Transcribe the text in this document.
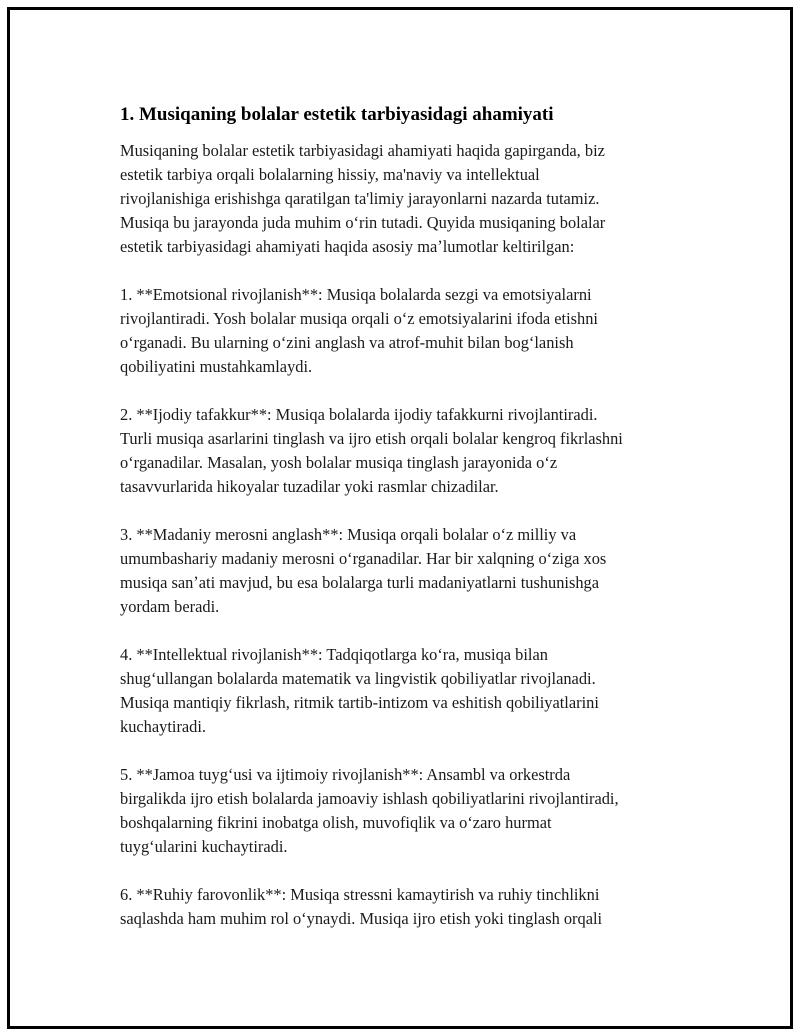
1. Musiqaning bolalar estetik tarbiyasidagi ahamiyati

Musiqaning bolalar estetik tarbiyasidagi ahamiyati haqida gapirganda, biz
estetik tarbiya orqali bolalarning hissiy, ma'naviy va intellektual
rivojlanishiga erishishga qaratilgan ta'limiy jarayonlarni nazarda tutamiz.
Musiqa bu jarayonda juda muhim oʻrin tutadi. Quyida musiqaning bolalar
estetik tarbiyasidagi ahamiyati haqida asosiy maʼlumotlar keltirilgan:

1. **Emotsional rivojlanish**: Musiqa bolalarda sezgi va emotsiyalarni
rivojlantiradi. Yosh bolalar musiqa orqali oʻz emotsiyalarini ifoda etishni
oʻrganadi. Bu ularning oʻzini anglash va atrof-muhit bilan bogʻlanish
qobiliyatini mustahkamlaydi.

2. **Ijodiy tafakkur**: Musiqa bolalarda ijodiy tafakkurni rivojlantiradi.
Turli musiqa asarlarini tinglash va ijro etish orqali bolalar kengroq fikrlashni
oʻrganadilar. Masalan, yosh bolalar musiqa tinglash jarayonida oʻz
tasavvurlarida hikoyalar tuzadilar yoki rasmlar chizadilar.

3. **Madaniy merosni anglash**: Musiqa orqali bolalar oʻz milliy va
umumbashariy madaniy merosni oʻrganadilar. Har bir xalqning oʻziga xos
musiqa sanʼati mavjud, bu esa bolalarga turli madaniyatlarni tushunishga
yordam beradi.

4. **Intellektual rivojlanish**: Tadqiqotlarga koʻra, musiqa bilan
shugʻullangan bolalarda matematik va lingvistik qobiliyatlar rivojlanadi.
Musiqa mantiqiy fikrlash, ritmik tartib-intizom va eshitish qobiliyatlarini
kuchaytiradi.

5. **Jamoa tuygʻusi va ijtimoiy rivojlanish**: Ansambl va orkestrda
birgalikda ijro etish bolalarda jamoaviy ishlash qobiliyatlarini rivojlantiradi,
boshqalarning fikrini inobatga olish, muvofiqlik va oʻzaro hurmat
tuygʻularini kuchaytiradi.

6. **Ruhiy farovonlik**: Musiqa stressni kamaytirish va ruhiy tinchlikni
saqlashda ham muhim rol oʻynaydi. Musiqa ijro etish yoki tinglash orqali
